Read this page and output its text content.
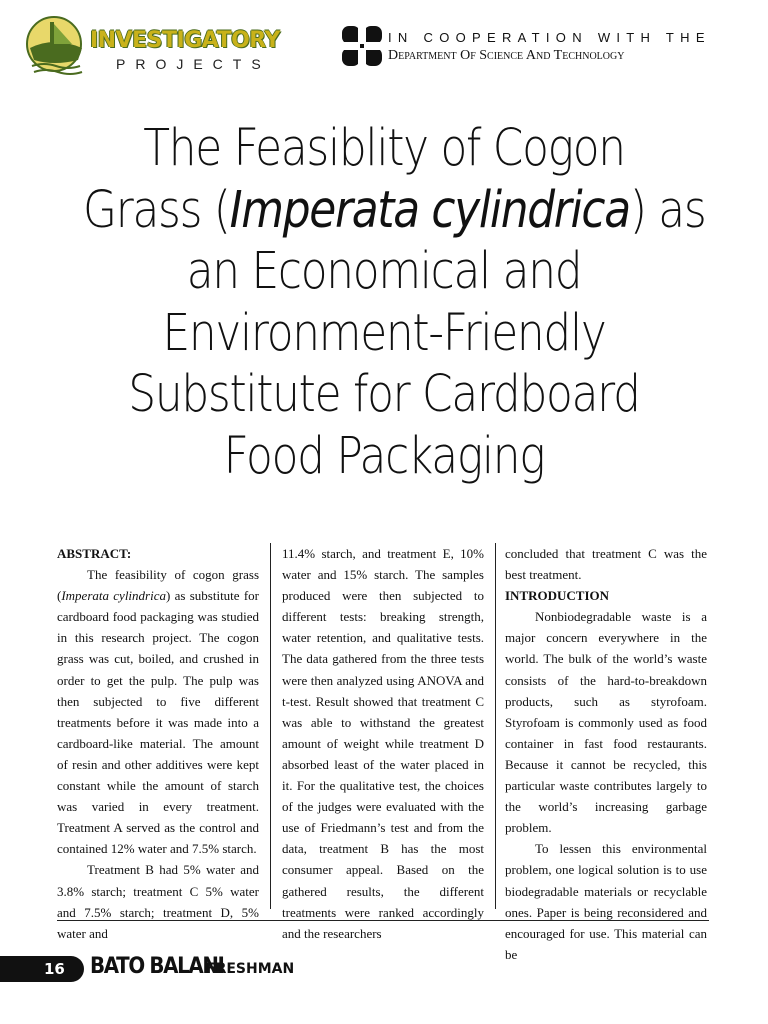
INVESTIGATORY
PROJECTS
IN COOPERATION WITH THE
Department Of Science And Technology
The Feasiblity of Cogon
Grass (Imperata cylindrica) as
an Economical and
Environment-Friendly
Substitute for Cardboard
Food Packaging

ABSTRACT:

The feasibility of cogon grass (Imperata cylindrica) as substitute for cardboard food packaging was studied in this research project. The cogon grass was cut, boiled, and crushed in order to get the pulp. The pulp was then subjected to five different treatments before it was made into a cardboard-like material. The amount of resin and other additives were kept constant while the amount of starch was varied in every treatment. Treatment A served as the control and contained 12% water and 7.5% starch.

Treatment B had 5% water and 3.8% starch; treatment C 5% water and 7.5% starch; treatment D, 5% water and

11.4% starch, and treatment E, 10% water and 15% starch. The samples produced were then subjected to different tests: breaking strength, water retention, and qualitative tests. The data gathered from the three tests were then analyzed using ANOVA and t-test. Result showed that treatment C was able to withstand the greatest amount of weight while treatment D absorbed least of the water placed in it. For the qualitative test, the choices of the judges were evaluated with the use of Friedmann’s test and from the data, treatment B has the most consumer appeal. Based on the gathered results, the different treatments were ranked accordingly and the researchers

concluded that treatment C was the best treatment.

INTRODUCTION

Nonbiodegradable waste is a major concern everywhere in the world. The bulk of the world’s waste consists of the hard-to-breakdown products, such as styrofoam. Styrofoam is commonly used as food container in fast food restaurants. Because it cannot be recycled, this particular waste contributes largely to the world’s increasing garbage problem.

To lessen this environmental problem, one logical solution is to use biodegradable materials or recyclable ones. Paper is being reconsidered and encouraged for use. This material can be

16 BATO BALANI
FRESHMAN
